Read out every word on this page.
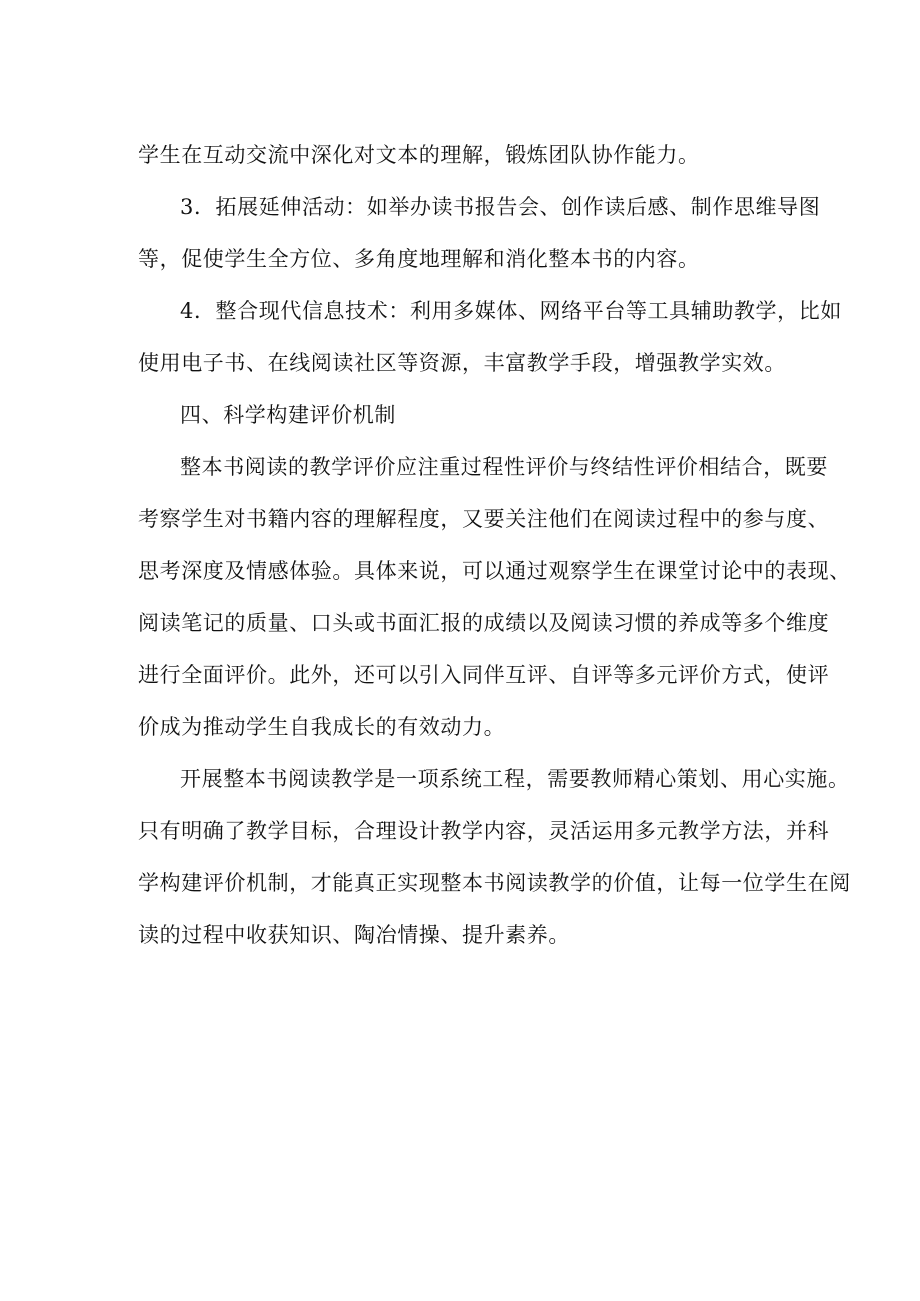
学生在互动交流中深化对文本的理解，锻炼团队协作能力。
3．拓展延伸活动：如举办读书报告会、创作读后感、制作思维导图
等，促使学生全方位、多角度地理解和消化整本书的内容。
4．整合现代信息技术：利用多媒体、网络平台等工具辅助教学，比如
使用电子书、在线阅读社区等资源，丰富教学手段，增强教学实效。
四、科学构建评价机制
整本书阅读的教学评价应注重过程性评价与终结性评价相结合，既要
考察学生对书籍内容的理解程度，又要关注他们在阅读过程中的参与度、
思考深度及情感体验。具体来说，可以通过观察学生在课堂讨论中的表现、
阅读笔记的质量、口头或书面汇报的成绩以及阅读习惯的养成等多个维度
进行全面评价。此外，还可以引入同伴互评、自评等多元评价方式，使评
价成为推动学生自我成长的有效动力。
开展整本书阅读教学是一项系统工程，需要教师精心策划、用心实施。
只有明确了教学目标，合理设计教学内容，灵活运用多元教学方法，并科
学构建评价机制，才能真正实现整本书阅读教学的价值，让每一位学生在阅
读的过程中收获知识、陶冶情操、提升素养。
